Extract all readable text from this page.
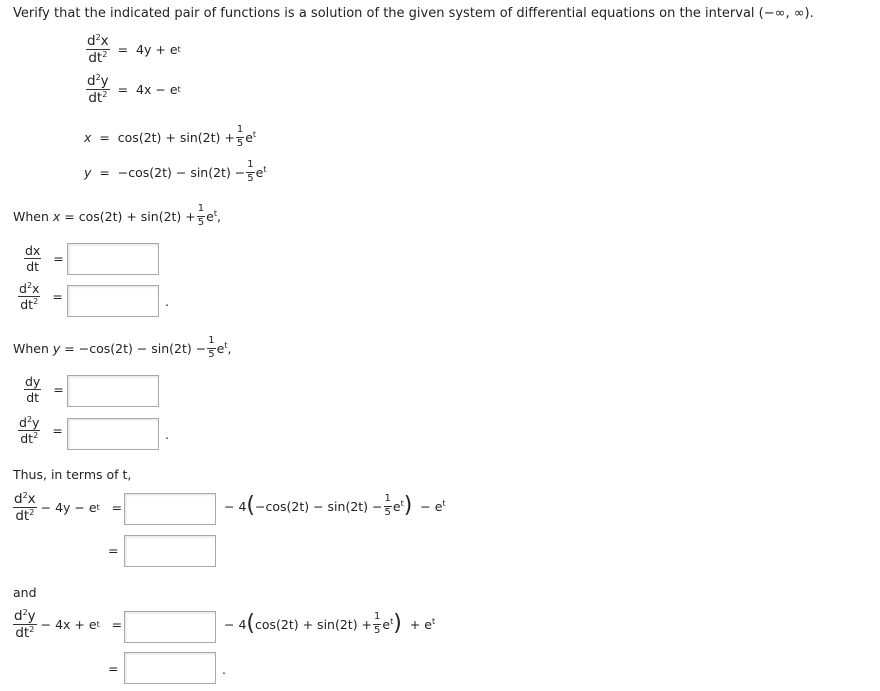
Verify that the indicated pair of functions is a solution of the given system of differential equations on the interval (−∞, ∞).
$\frac{d^2x}{dt^2} = 4y + e$ t
$\frac{d^2y}{dt^2} = 4x - e$ t
$x = \cos(2t) + \sin(2t) + \frac{1}{5} e^t$
$y = -\cos(2t) - \sin(2t) - \frac{1}{5} e^t$
When x =
$\cos(2t) + \sin(2t) + \frac{1}{5} e^t$,
$\frac{dx}{dt}$ =
$\frac{d^2x}{dt^2}$ =	.
When y =
$-\cos(2t) - \sin(2t) - \frac{1}{5} e^t$,
$\frac{dy}{dt}$ =
$\frac{d^2y}{dt^2}$ =	.
Thus, in terms of t,
$\frac{d^2x}{dt^2}$
− 4y − e t =	− 4 ( $-\cos(2t) - \sin(2t) - \frac{1}{5} e^t$ ) − $e^t$
=
and
$\frac{d^2y}{dt^2}$
− 4x + e t =	− 4 ( $\cos(2t) + \sin(2t) + \frac{1}{5} e^t$ ) + $e^t$
=	.
